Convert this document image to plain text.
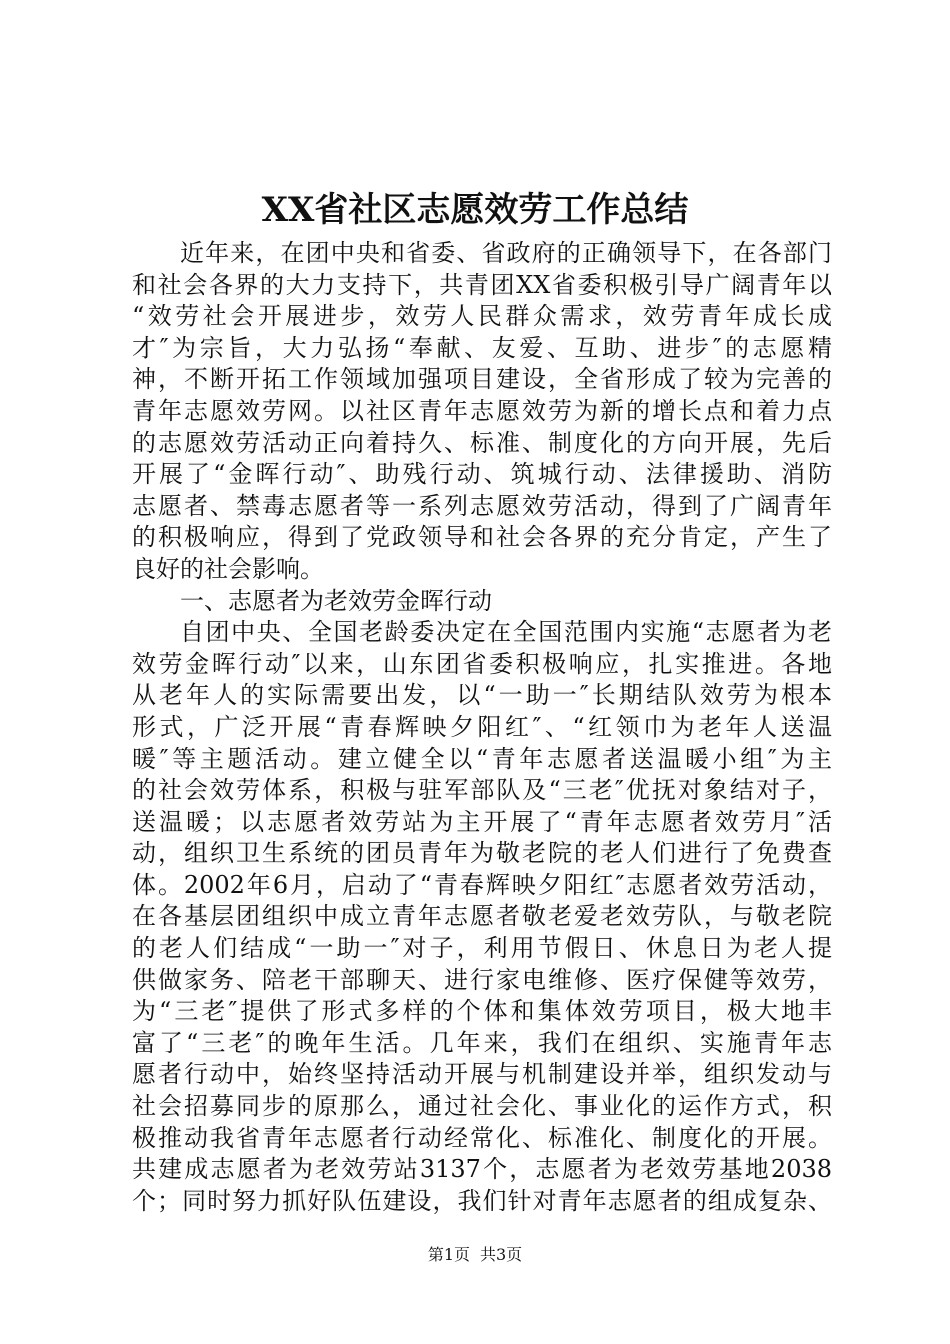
XX省社区志愿效劳工作总结
近年来，在团中央和省委、省政府的正确领导下，在各部门
和社会各界的大力支持下，共青团XX省委积极引导广阔青年以
“效劳社会开展进步，效劳人民群众需求，效劳青年成长成
才″为宗旨，大力弘扬“奉献、友爱、互助、进步″的志愿精
神，不断开拓工作领域加强项目建设，全省形成了较为完善的
青年志愿效劳网。以社区青年志愿效劳为新的增长点和着力点
的志愿效劳活动正向着持久、标准、制度化的方向开展，先后
开展了“金晖行动″、助残行动、筑城行动、法律援助、消防
志愿者、禁毒志愿者等一系列志愿效劳活动，得到了广阔青年
的积极响应，得到了党政领导和社会各界的充分肯定，产生了
良好的社会影响。
一、志愿者为老效劳金晖行动
自团中央、全国老龄委决定在全国范围内实施“志愿者为老
效劳金晖行动″以来，山东团省委积极响应，扎实推进。各地
从老年人的实际需要出发，以“一助一″长期结队效劳为根本
形式，广泛开展“青春辉映夕阳红″、“红领巾为老年人送温
暖″等主题活动。建立健全以“青年志愿者送温暖小组″为主
的社会效劳体系，积极与驻军部队及“三老″优抚对象结对子，
送温暖；以志愿者效劳站为主开展了“青年志愿者效劳月″活
动，组织卫生系统的团员青年为敬老院的老人们进行了免费查
体。2002年6月，启动了“青春辉映夕阳红″志愿者效劳活动，
在各基层团组织中成立青年志愿者敬老爱老效劳队，与敬老院
的老人们结成“一助一″对子，利用节假日、休息日为老人提
供做家务、陪老干部聊天、进行家电维修、医疗保健等效劳，
为“三老″提供了形式多样的个体和集体效劳项目，极大地丰
富了“三老″的晚年生活。几年来，我们在组织、实施青年志
愿者行动中，始终坚持活动开展与机制建设并举，组织发动与
社会招募同步的原那么，通过社会化、事业化的运作方式，积
极推动我省青年志愿者行动经常化、标准化、制度化的开展。
共建成志愿者为老效劳站3137个，志愿者为老效劳基地2038
个；同时努力抓好队伍建设，我们针对青年志愿者的组成复杂、
第1页 共3页
